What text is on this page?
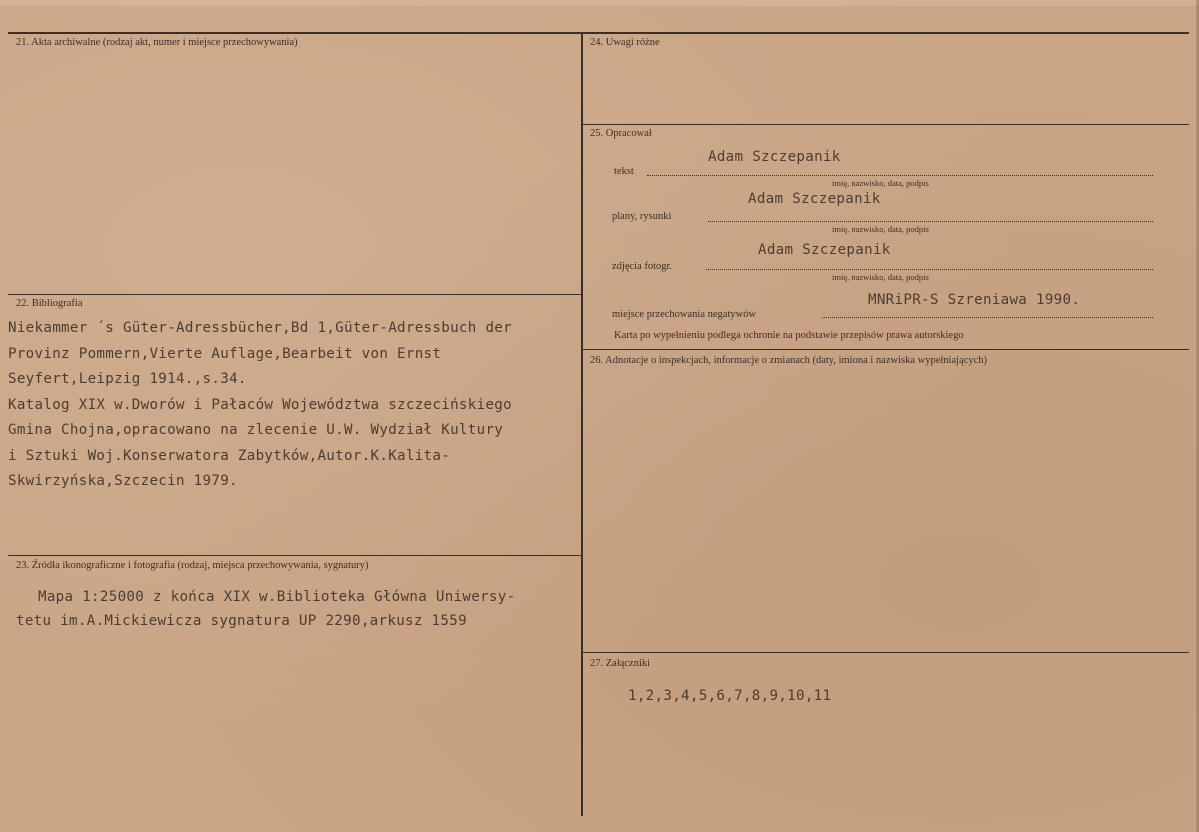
21. Akta archiwalne (rodzaj akt, numer i miejsce przechowywania)
22. Bibliografia
Niekammer ´s Güter-Adressbücher,Bd 1,Güter-Adressbuch der
Provinz Pommern,Vierte Auflage,Bearbeit von Ernst
Seyfert,Leipzig 1914.,s.34.
Katalog XIX w.Dworów i Pałaców Województwa szczecińskiego
Gmina Chojna,opracowano na zlecenie U.W. Wydział Kultury
i Sztuki Woj.Konserwatora Zabytków,Autor.K.Kalita-
Skwirzyńska,Szczecin 1979.
23. Źródła ikonograficzne i fotografia (rodzaj, miejsca przechowywania, sygnatury)
Mapa 1:25000 z końca XIX w.Biblioteka Główna Uniwersy-
tetu im.A.Mickiewicza sygnatura UP 2290,arkusz 1559
24. Uwagi różne
25. Opracował
Adam Szczepanik
tekst
imię, nazwisko, data, podpis
Adam Szczepanik
plany, rysunki
imię, nazwisko, data, podpis
Adam Szczepanik
zdjęcia fotogr.
imię, nazwisko, data, podpis
MNRiPR-S Szreniawa 1990.
miejsce przechowania negatywów
Karta po wypełnieniu podlega ochronie na podstawie przepisów prawa autorskiego
26. Adnotacje o inspekcjach, informacje o zmianach (daty, imiona i nazwiska wypełniających)
27. Załączniki
1,2,3,4,5,6,7,8,9,10,11
